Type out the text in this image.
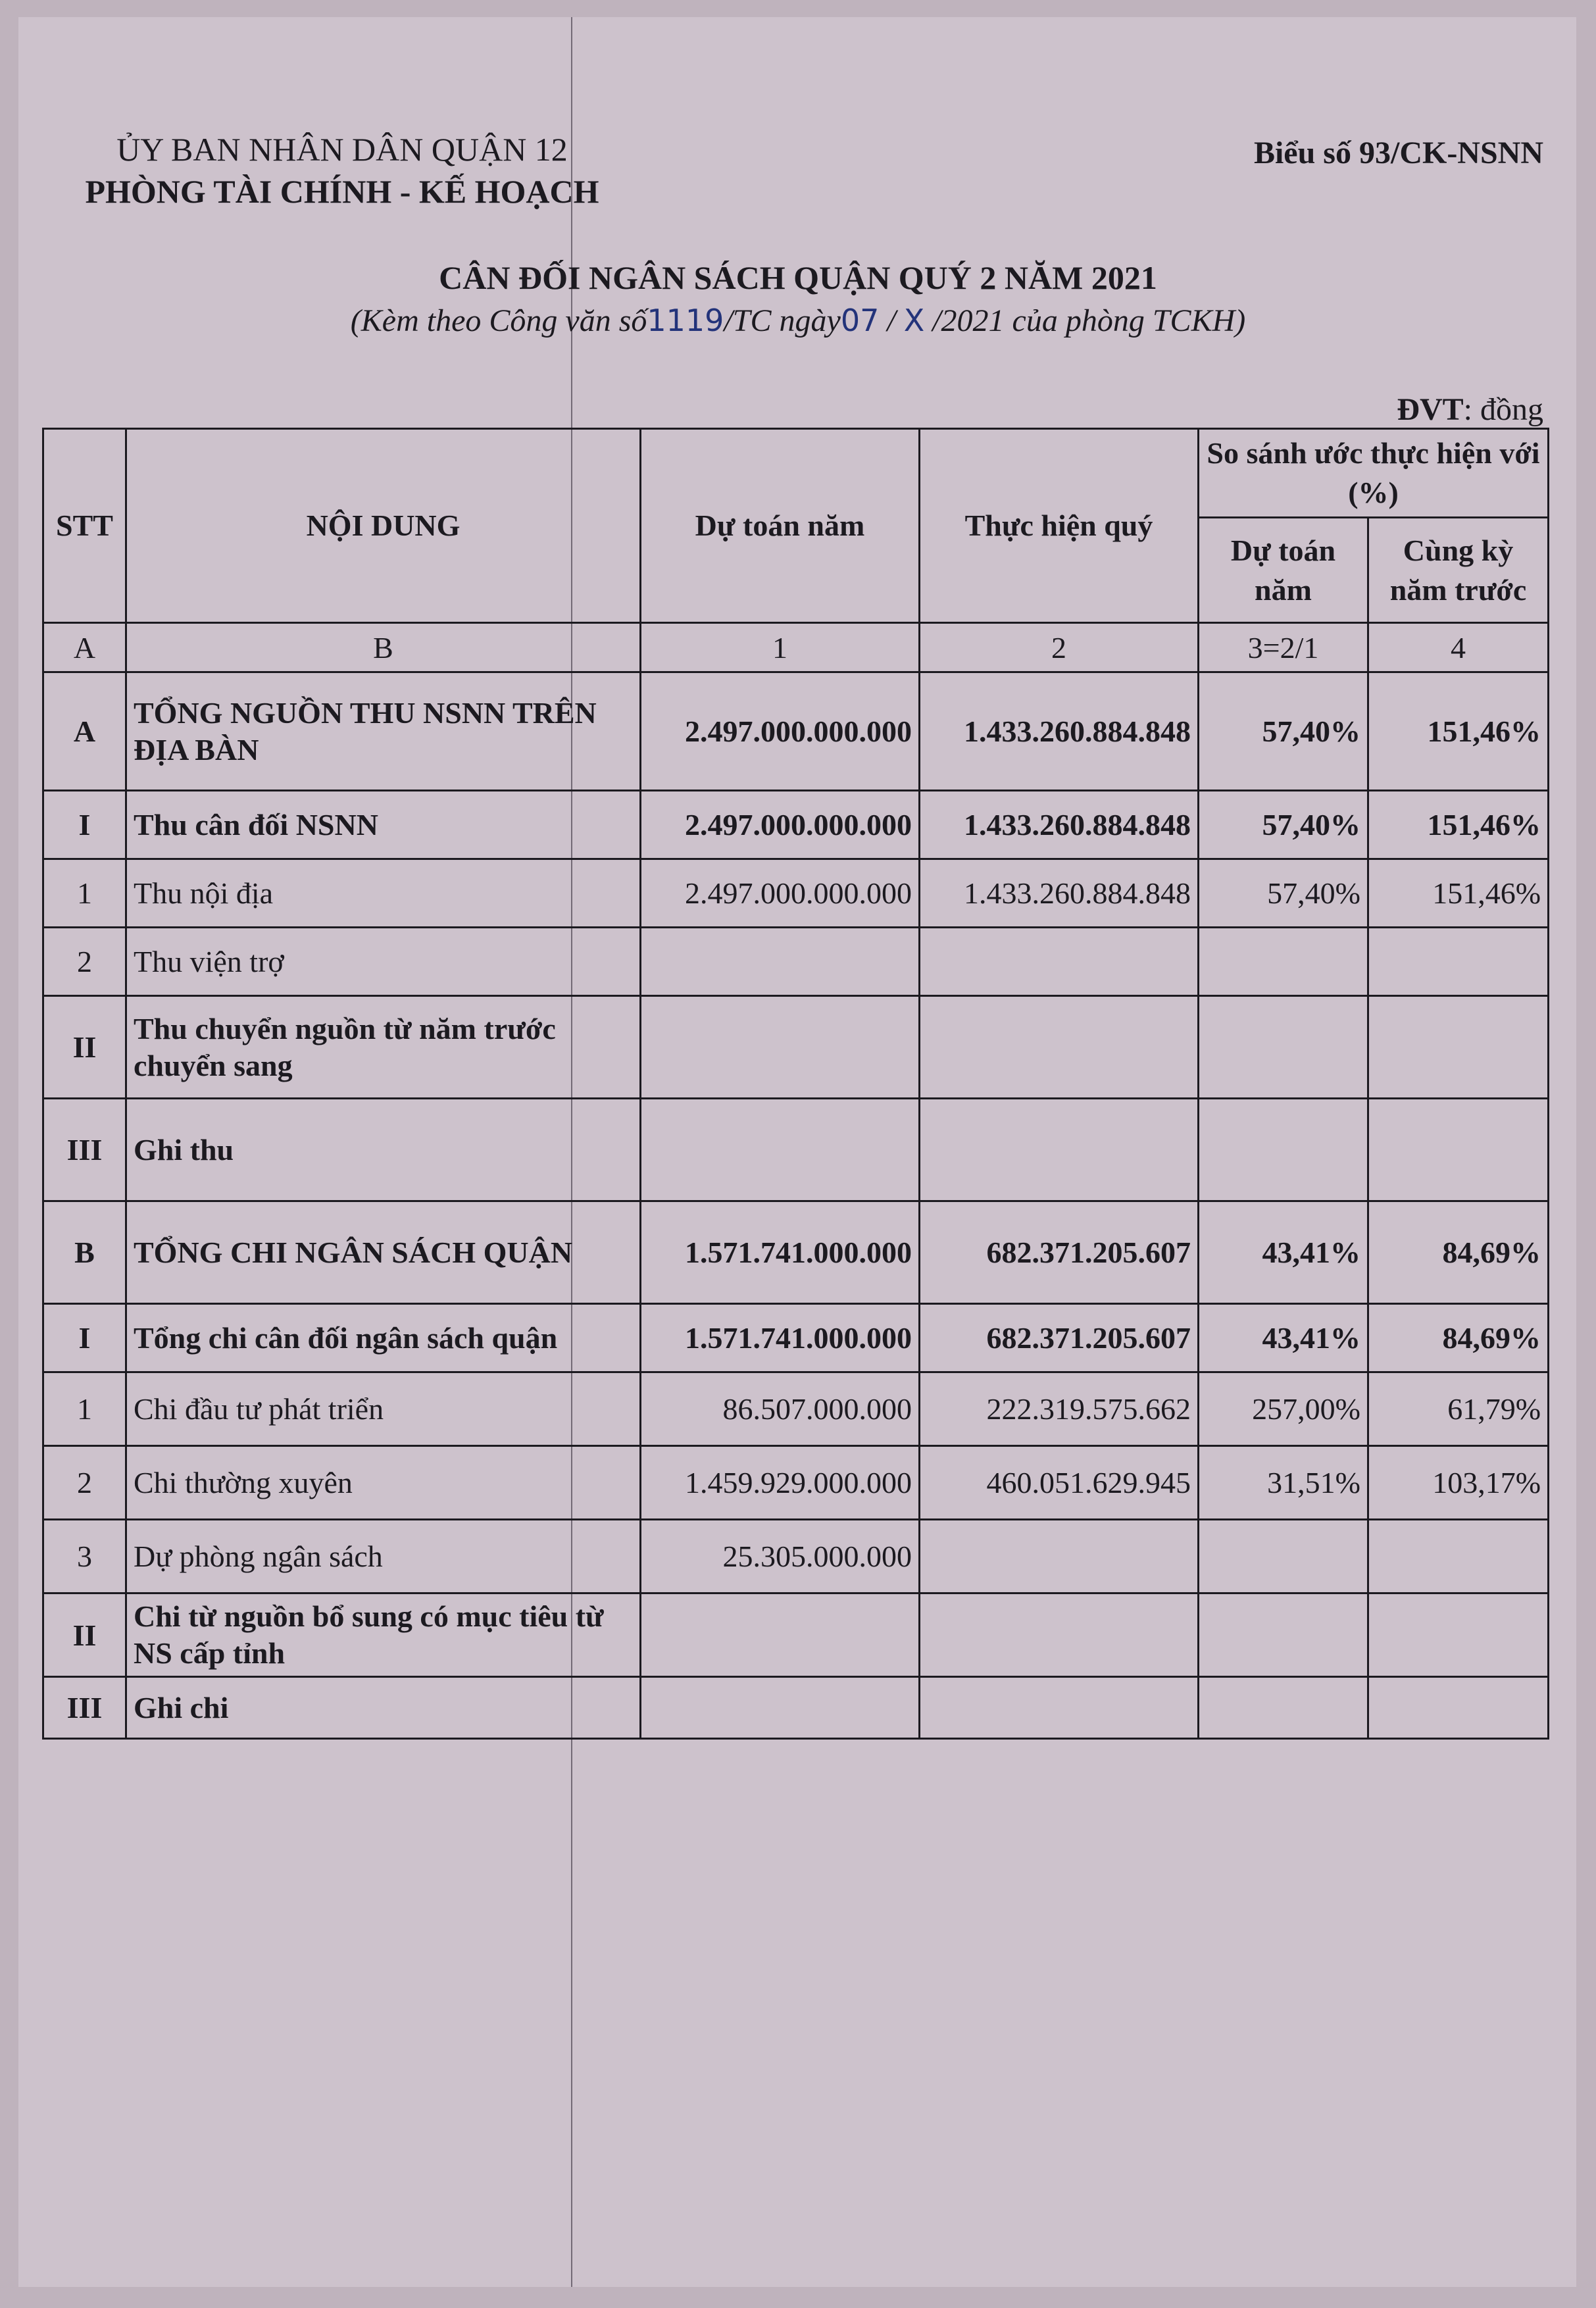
ỦY BAN NHÂN DÂN QUẬN 12
PHÒNG TÀI CHÍNH - KẾ HOẠCH
Biểu số 93/CK-NSNN
CÂN ĐỐI NGÂN SÁCH QUẬN QUÝ 2 NĂM 2021
(Kèm theo Công văn số1119/TC ngày07 / X /2021 của phòng TCKH)
ĐVT: đồng
STT	NỘI DUNG	Dự toán năm	Thực hiện quý	So sánh ước thực hiện với (%)	
				Dự toán năm	Cùng kỳ năm trước
A	B	1	2	3=2/1	4
A	TỔNG NGUỒN THU NSNN TRÊN ĐỊA BÀN	2.497.000.000.000	1.433.260.884.848	57,40%	151,46%
I	Thu cân đối NSNN	2.497.000.000.000	1.433.260.884.848	57,40%	151,46%
1	Thu nội địa	2.497.000.000.000	1.433.260.884.848	57,40%	151,46%
2	Thu viện trợ				
II	Thu chuyển nguồn từ năm trước chuyển sang				
III	Ghi thu				
B	TỔNG CHI NGÂN SÁCH QUẬN	1.571.741.000.000	682.371.205.607	43,41%	84,69%
I	Tổng chi cân đối ngân sách quận	1.571.741.000.000	682.371.205.607	43,41%	84,69%
1	Chi đầu tư phát triển	86.507.000.000	222.319.575.662	257,00%	61,79%
2	Chi thường xuyên	1.459.929.000.000	460.051.629.945	31,51%	103,17%
3	Dự phòng ngân sách	25.305.000.000			
II	Chi từ nguồn bổ sung có mục tiêu từ NS cấp tỉnh				
III	Ghi chi				
